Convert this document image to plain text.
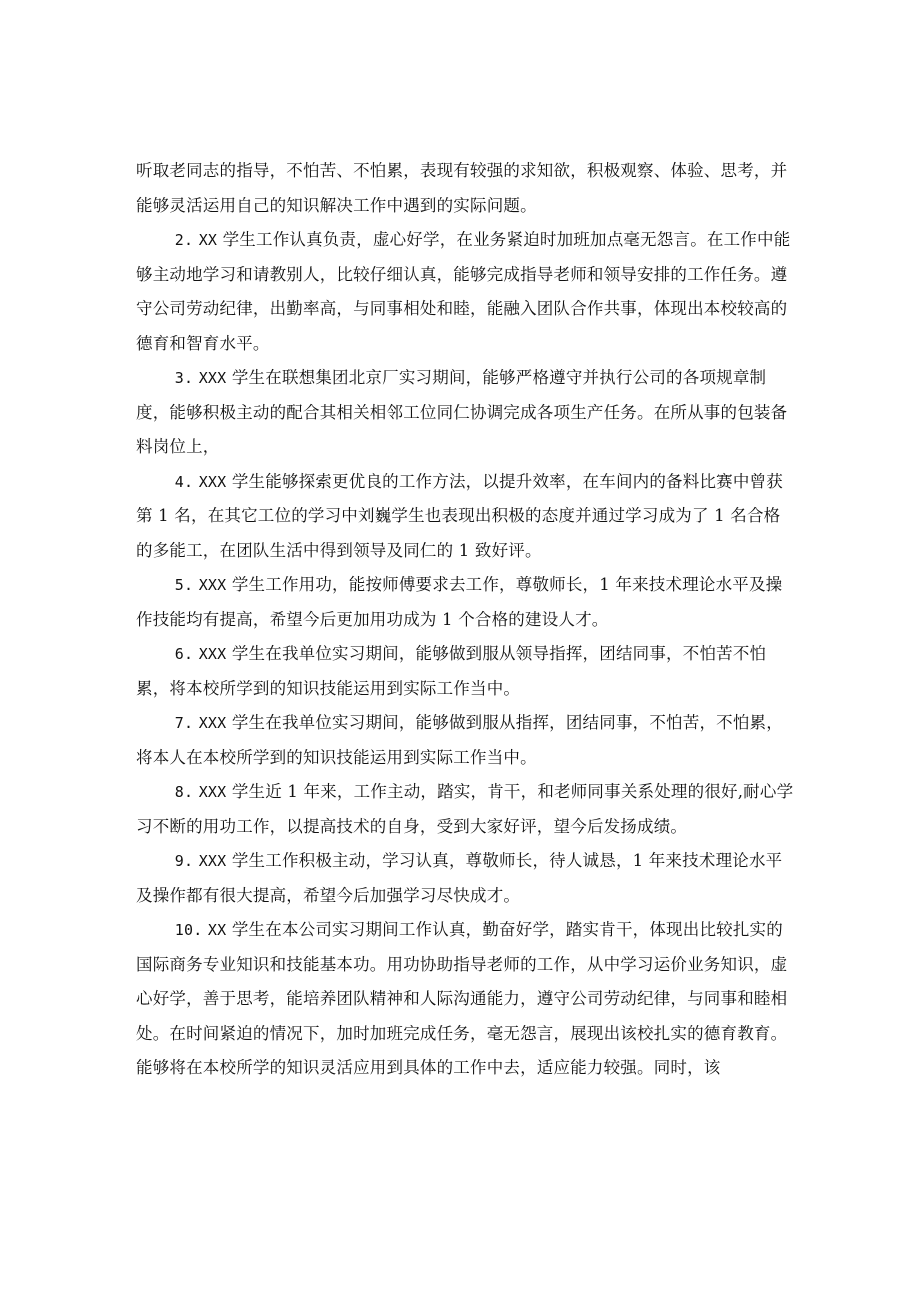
听取老同志的指导，不怕苦、不怕累，表现有较强的求知欲，积极观察、体验、思考，并能够灵活运用自己的知识解决工作中遇到的实际问题。

2. XX 学生工作认真负责，虚心好学，在业务紧迫时加班加点毫无怨言。在工作中能够主动地学习和请教别人，比较仔细认真，能够完成指导老师和领导安排的工作任务。遵守公司劳动纪律，出勤率高，与同事相处和睦，能融入团队合作共事，体现出本校较高的德育和智育水平。

3. XXX 学生在联想集团北京厂实习期间，能够严格遵守并执行公司的各项规章制度，能够积极主动的配合其相关相邻工位同仁协调完成各项生产任务。在所从事的包装备料岗位上，

4. XXX 学生能够探索更优良的工作方法，以提升效率，在车间内的备料比赛中曾获第 1 名，在其它工位的学习中刘巍学生也表现出积极的态度并通过学习成为了 1 名合格的多能工，在团队生活中得到领导及同仁的 1 致好评。

5. XXX 学生工作用功，能按师傅要求去工作，尊敬师长，1 年来技术理论水平及操作技能均有提高，希望今后更加用功成为 1 个合格的建设人才。

6. XXX 学生在我单位实习期间，能够做到服从领导指挥，团结同事，不怕苦不怕累，将本校所学到的知识技能运用到实际工作当中。

7. XXX 学生在我单位实习期间，能够做到服从指挥，团结同事，不怕苦，不怕累，将本人在本校所学到的知识技能运用到实际工作当中。

8. XXX 学生近 1 年来，工作主动，踏实，肯干，和老师同事关系处理的很好,耐心学习不断的用功工作，以提高技术的自身，受到大家好评，望今后发扬成绩。

9. XXX 学生工作积极主动，学习认真，尊敬师长，待人诚恳，1 年来技术理论水平及操作都有很大提高，希望今后加强学习尽快成才。

10. XX 学生在本公司实习期间工作认真，勤奋好学，踏实肯干，体现出比较扎实的国际商务专业知识和技能基本功。用功协助指导老师的工作，从中学习运价业务知识，虚心好学，善于思考，能培养团队精神和人际沟通能力，遵守公司劳动纪律，与同事和睦相处。在时间紧迫的情况下，加时加班完成任务，毫无怨言，展现出该校扎实的德育教育。能够将在本校所学的知识灵活应用到具体的工作中去，适应能力较强。同时，该
